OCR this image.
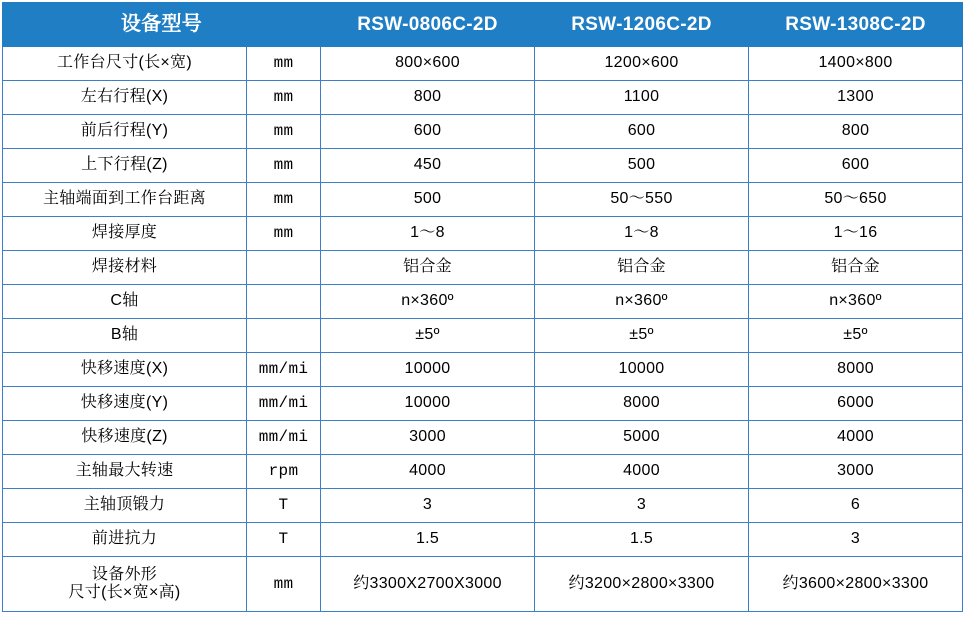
设备型号		RSW-0806C-2D	RSW-1206C-2D	RSW-1308C-2D
工作台尺寸(长×宽)	mm	800×600	1200×600	1400×800
左右行程(X)	mm	800	1100	1300
前后行程(Y)	mm	600	600	800
上下行程(Z)	mm	450	500	600
主轴端面到工作台距离	mm	500	50～550	50～650
焊接厚度	mm	1～8	1～8	1～16
焊接材料		铝合金	铝合金	铝合金
C轴		n×360º	n×360º	n×360º
B轴		±5º	±5º	±5º
快移速度(X)	mm/mi	10000	10000	8000
快移速度(Y)	mm/mi	10000	8000	6000
快移速度(Z)	mm/mi	3000	5000	4000
主轴最大转速	rpm	4000	4000	3000
主轴顶锻力	T	3	3	6
前进抗力	T	1.5	1.5	3

设备外形
尺寸(长×宽×高)	mm	约3300X2700X3000	约3200×2800×3300	约3600×2800×3300
